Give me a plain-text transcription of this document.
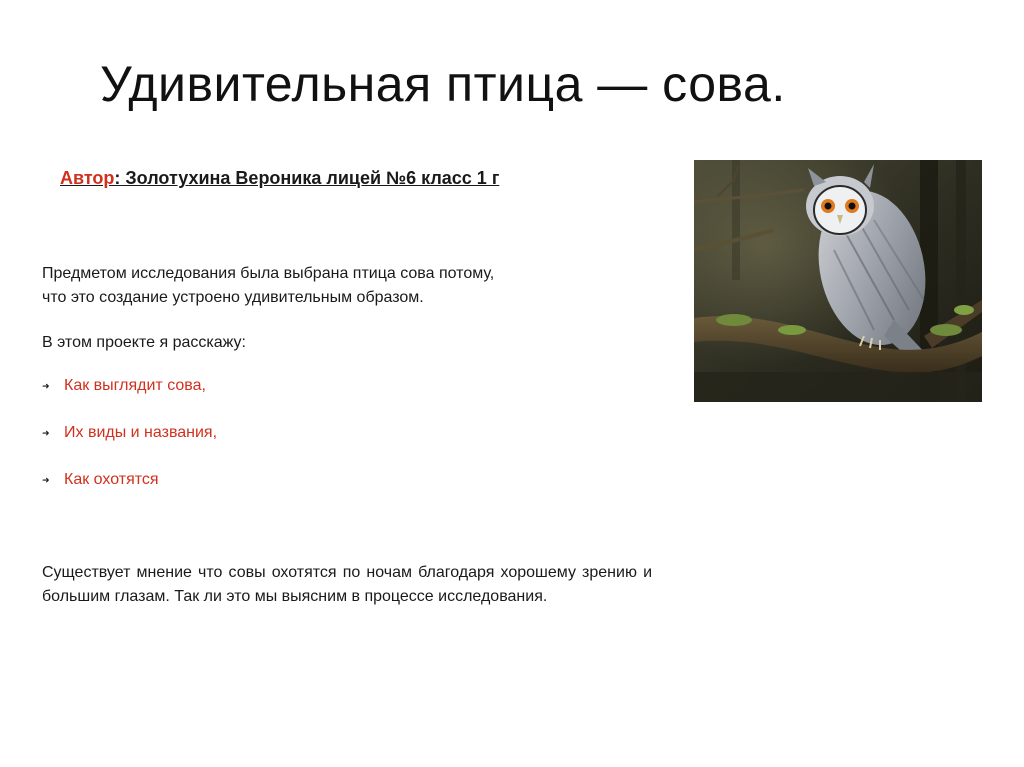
Удивительная птица — сова.
Автор: Золотухина Вероника лицей №6 класс 1 г

Предметом исследования была выбрана птица сова потому,

что это создание устроено удивительным образом.

В этом проекте я расскажу:
➜ Как выглядит сова,
➜ Их виды и названия,
➜ Как охотятся
Существует мнение что совы охотятся по ночам благодаря хорошему зрению и большим глазам. Так ли это мы выясним в процессе исследования.
